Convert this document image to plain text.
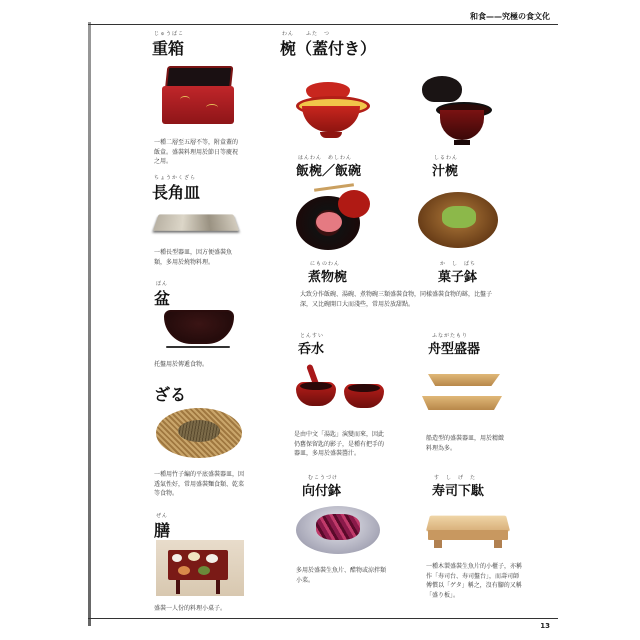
和食——究極の食文化
じゅうばこ
重箱
一種二層至五層不等，附盒蓋的飯盒。盛裝料理用於節日等慶祝之用。
ちょうかくざら
長角皿
一種長型器皿，因方便盛裝魚類，多用於燒物料理。
ぼん
盆
托盤用於傳遞食物。
ざる
一種用竹子編的平底盛裝器皿，因透氣性好，常用盛裝麵食類、乾菜等食物。
ぜん
膳
盛裝一人份的料理小桌子。
わん　　ふた　つ
椀（蓋付き）
はんわん　めしわん
飯椀／飯碗
しるわん
汁椀
にものわん
煮物椀
か　し　ばち
菓子鉢
大致分作飯碗、湯碗、煮物碗三類盛裝食物，同樣盛裝食物的缽，比盤子深，又比碗開口大而淺些，常用於放甜點。
とんすい
呑水
是由中文「湯匙」演變而來，因此仍舊保留匙的影子，是種有把手的器皿，多用於盛裝醬汁。
ふながたもり
舟型盛器
船造型的盛裝器皿，用於精緻料理為多。
むこうづけ
向付鉢
多用於盛裝生魚片、醋物或涼拌類小菜。
す　し　げ　た
寿司下駄
一種木製盛裝生魚片的小櫃子，亦稱作「寿司台、寿司盤台」，而壽司師傅慣以「ゲタ」稱之，沒有腳的又稱「盛り板」。
13
